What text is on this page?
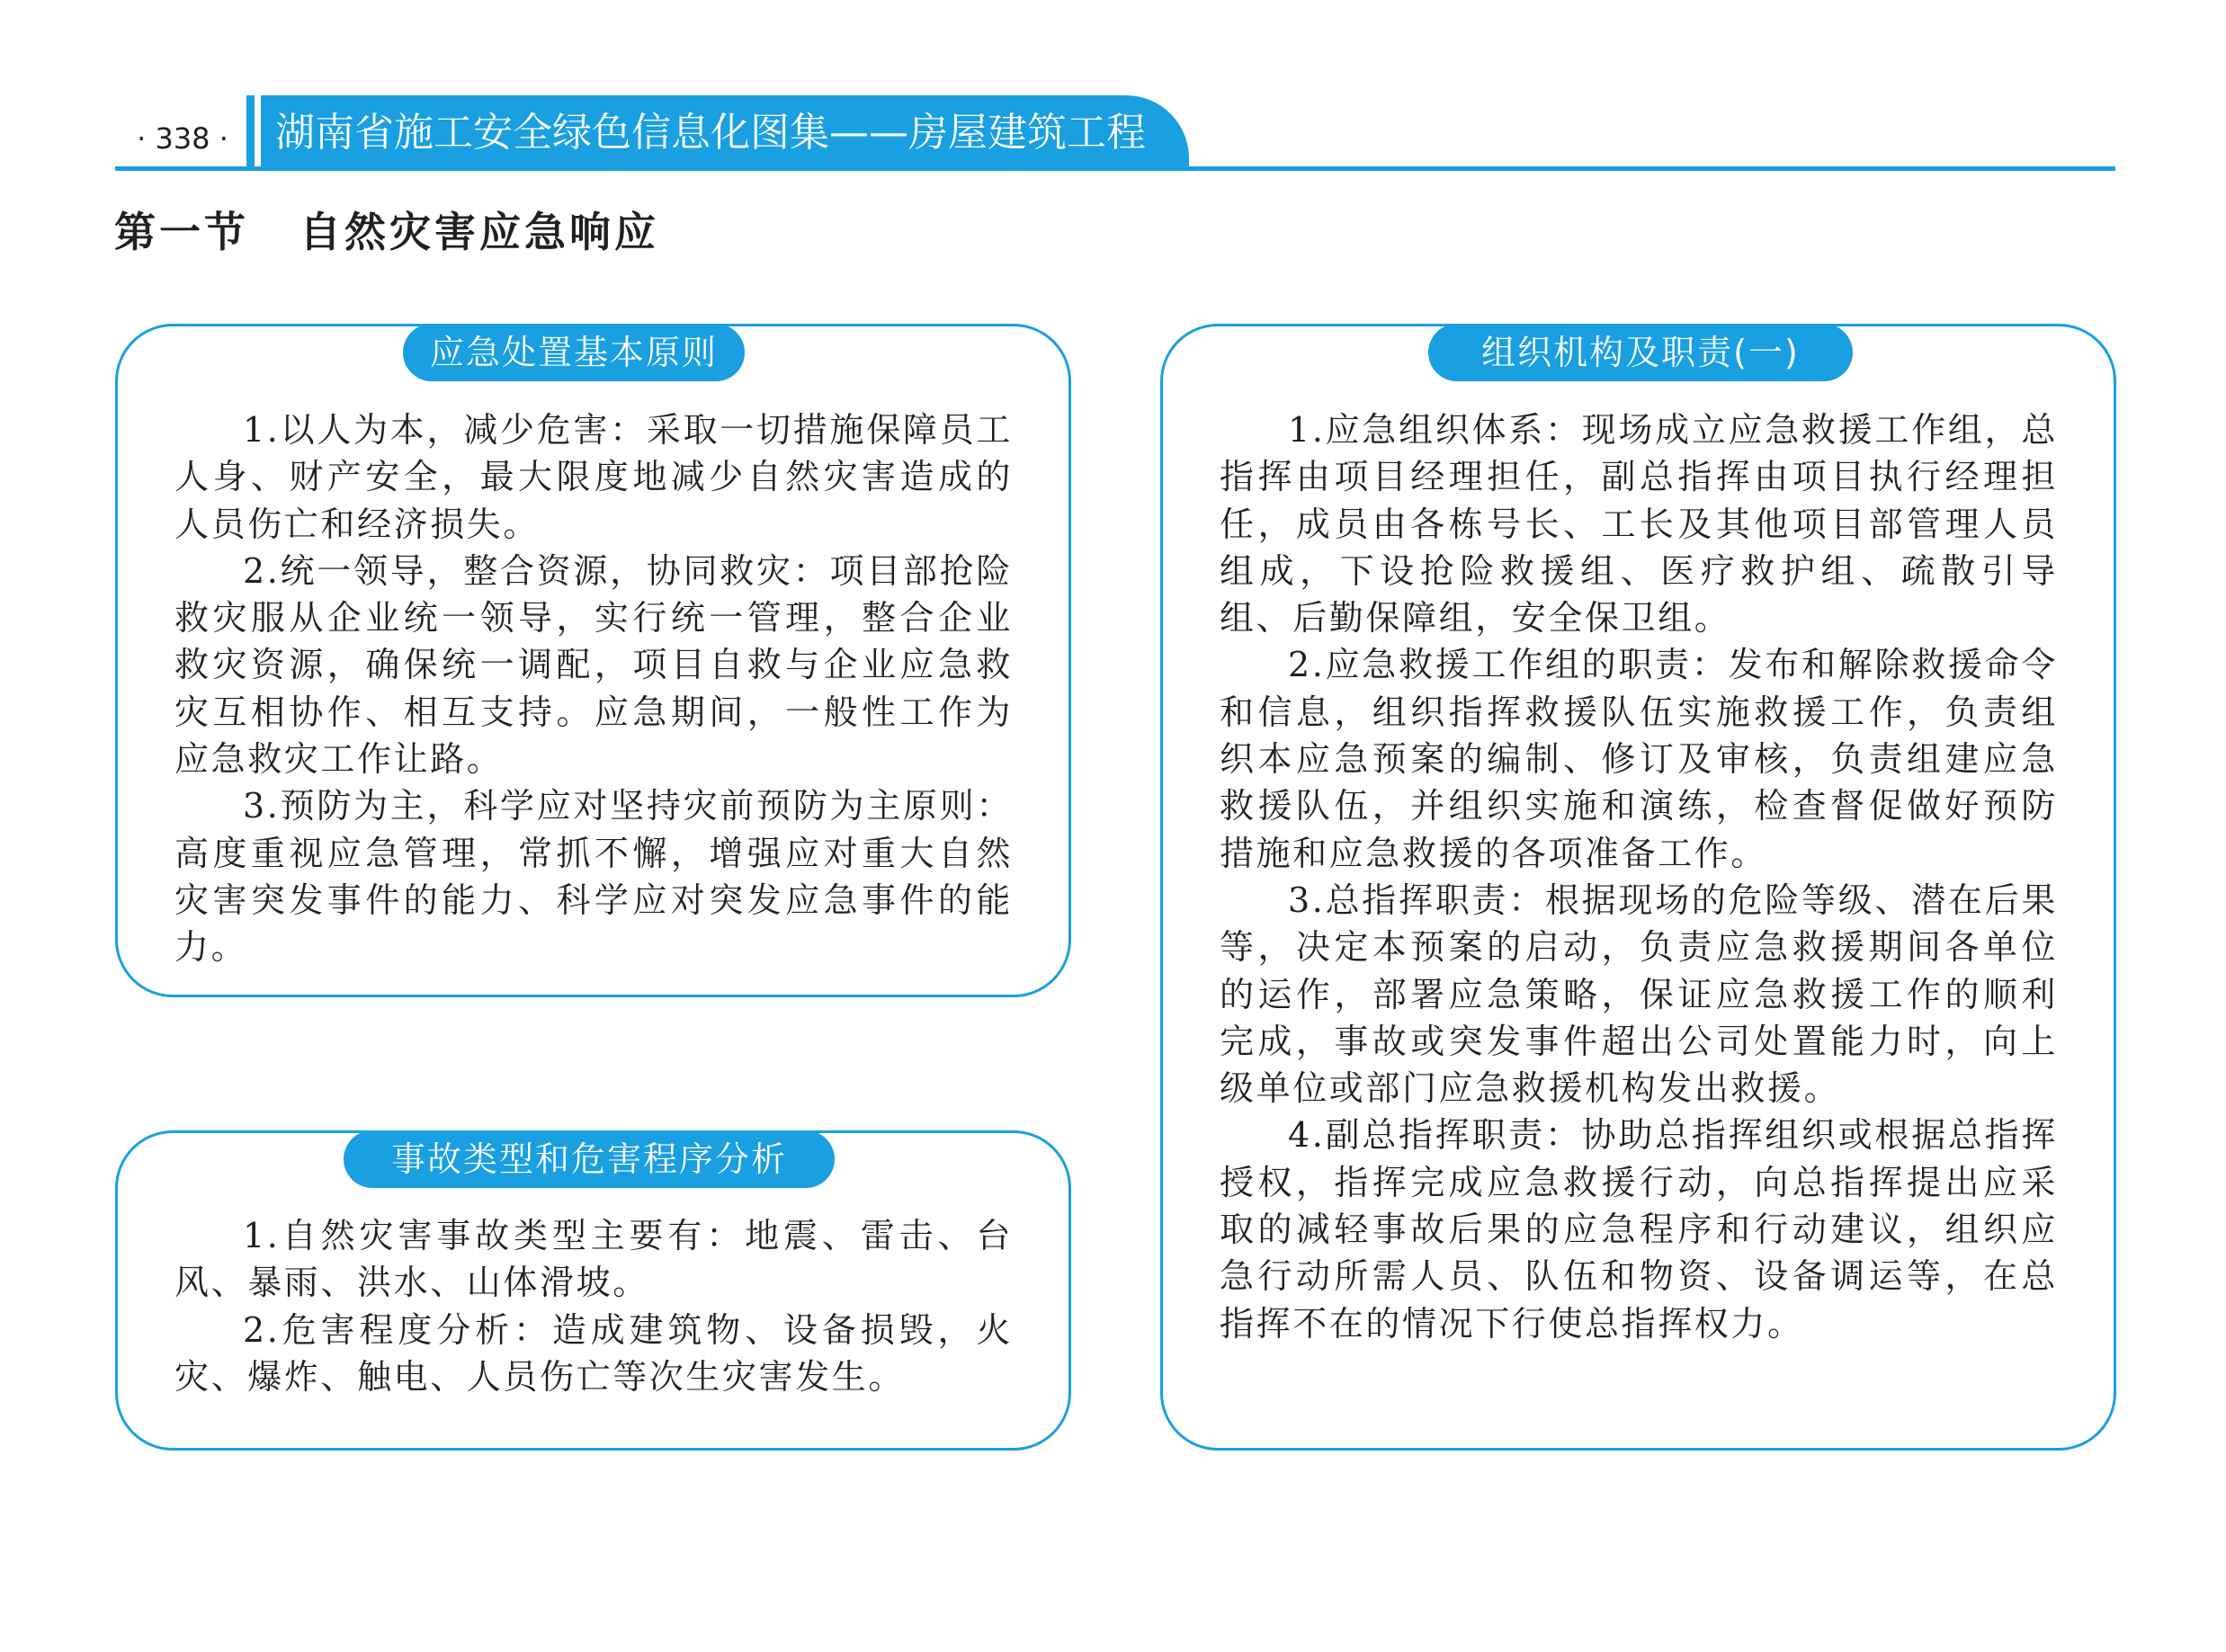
· 338 ·	湖南省施工安全绿色信息化图集——房屋建筑工程
第一节 自然灾害应急响应
应急处置基本原则

1.以人为本，减少危害：采取一切措施保障员工人身、财产安全，最大限度地减少自然灾害造成的人员伤亡和经济损失。

2.统一领导，整合资源，协同救灾：项目部抢险救灾服从企业统一领导，实行统一管理，整合企业救灾资源，确保统一调配，项目自救与企业应急救灾互相协作、相互支持。应急期间，一般性工作为应急救灾工作让路。

3.预防为主，科学应对坚持灾前预防为主原则：高度重视应急管理，常抓不懈，增强应对重大自然灾害突发事件的能力、科学应对突发应急事件的能力。

事故类型和危害程序分析

1.自然灾害事故类型主要有：地震、雷击、台风、暴雨、洪水、山体滑坡。

2.危害程度分析：造成建筑物、设备损毁，火灾、爆炸、触电、人员伤亡等次生灾害发生。

组织机构及职责(一)

1.应急组织体系：现场成立应急救援工作组，总指挥由项目经理担任，副总指挥由项目执行经理担任，成员由各栋号长、工长及其他项目部管理人员组成，下设抢险救援组、医疗救护组、疏散引导组、后勤保障组，安全保卫组。

2.应急救援工作组的职责：发布和解除救援命令和信息，组织指挥救援队伍实施救援工作，负责组织本应急预案的编制、修订及审核，负责组建应急救援队伍，并组织实施和演练，检查督促做好预防措施和应急救援的各项准备工作。

3.总指挥职责：根据现场的危险等级、潜在后果等，决定本预案的启动，负责应急救援期间各单位的运作，部署应急策略，保证应急救援工作的顺利完成，事故或突发事件超出公司处置能力时，向上级单位或部门应急救援机构发出救援。

4.副总指挥职责：协助总指挥组织或根据总指挥授权，指挥完成应急救援行动，向总指挥提出应采取的减轻事故后果的应急程序和行动建议，组织应急行动所需人员、队伍和物资、设备调运等，在总指挥不在的情况下行使总指挥权力。
